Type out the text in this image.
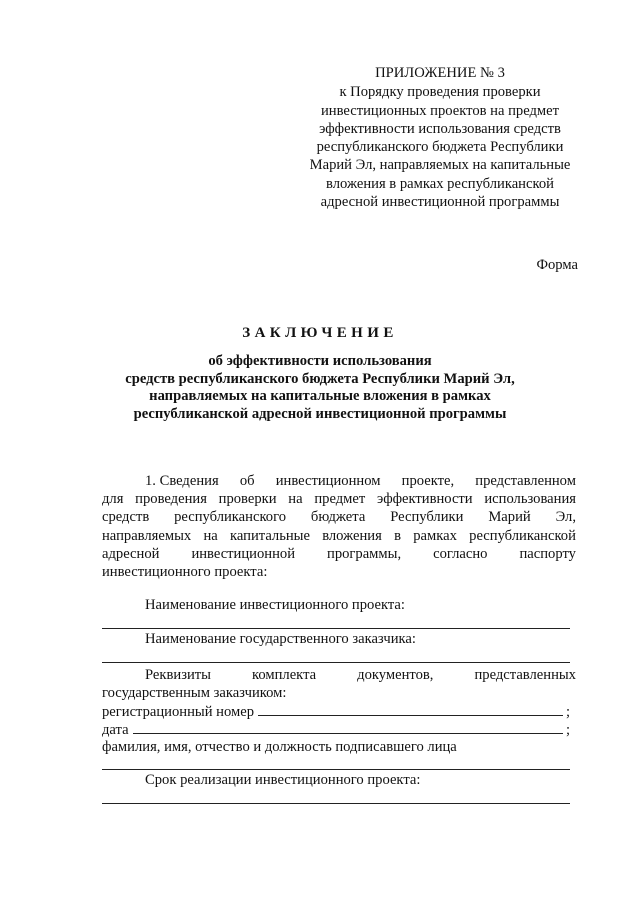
ПРИЛОЖЕНИЕ № 3
к Порядку проведения проверки
инвестиционных проектов на предмет
эффективности использования средств
республиканского бюджета Республики
Марий Эл, направляемых на капитальные
вложения в рамках республиканской
адресной инвестиционной программы
Форма
ЗАКЛЮЧЕНИЕ
об эффективности использования
средств республиканского бюджета Республики Марий Эл,
направляемых на капитальные вложения в рамках
республиканской адресной инвестиционной программы
1. Сведения об инвестиционном проекте, представленном
для проведения проверки на предмет эффективности использования
средств республиканского бюджета Республики Марий Эл,
направляемых на капитальные вложения в рамках республиканской
адресной инвестиционной программы, согласно паспорту
инвестиционного проекта:
Наименование инвестиционного проекта:
Наименование государственного заказчика:
Реквизиты	комплекта	документов,	представленных
государственным заказчиком:
регистрационный номер	;
дата	;
фамилия, имя, отчество и должность подписавшего лица
Срок реализации инвестиционного проекта:
